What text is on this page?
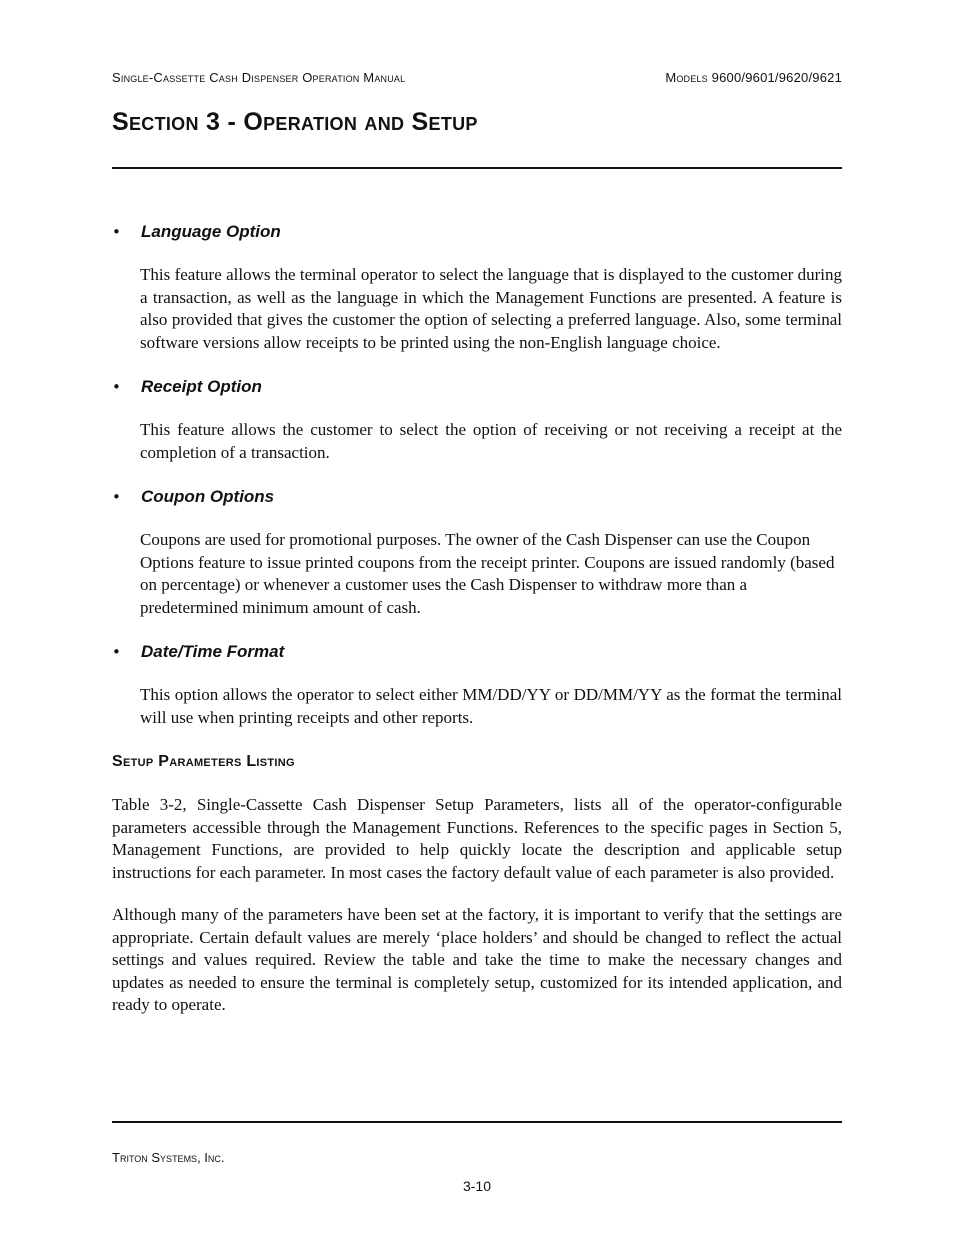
Single-Cassette Cash Dispenser Operation Manual	Models 9600/9601/9620/9621
Section 3 - Operation and Setup

• Language Option

This feature allows the terminal operator to select the language that is displayed to the customer during a transaction, as well as the language in which the Management Functions are presented. A feature is also provided that gives the customer the option of selecting a preferred language. Also, some terminal software versions allow receipts to be printed using the non-English language choice.

• Receipt Option

This feature allows the customer to select the option of receiving or not receiving a receipt at the completion of a transaction.

• Coupon Options

Coupons are used for promotional purposes. The owner of the Cash Dispenser can use the Coupon Options feature to issue printed coupons from the receipt printer. Coupons are issued randomly (based on percentage) or whenever a customer uses the Cash Dispenser to withdraw more than a predetermined minimum amount of cash.

• Date/Time Format

This option allows the operator to select either MM/DD/YY or DD/MM/YY as the format the terminal will use when printing receipts and other reports.

Setup Parameters Listing

Table 3-2, Single-Cassette Cash Dispenser Setup Parameters, lists all of the operator-configurable parameters accessible through the Management Functions. References to the specific pages in Section 5, Management Functions, are provided to help quickly locate the description and applicable setup instructions for each parameter. In most cases the factory default value of each parameter is also provided.

Although many of the parameters have been set at the factory, it is important to verify that the settings are appropriate. Certain default values are merely ‘place holders’ and should be changed to reflect the actual settings and values required. Review the table and take the time to make the necessary changes and updates as needed to ensure the terminal is completely setup, customized for its intended application, and ready to operate.

Triton Systems, Inc.
3-10
